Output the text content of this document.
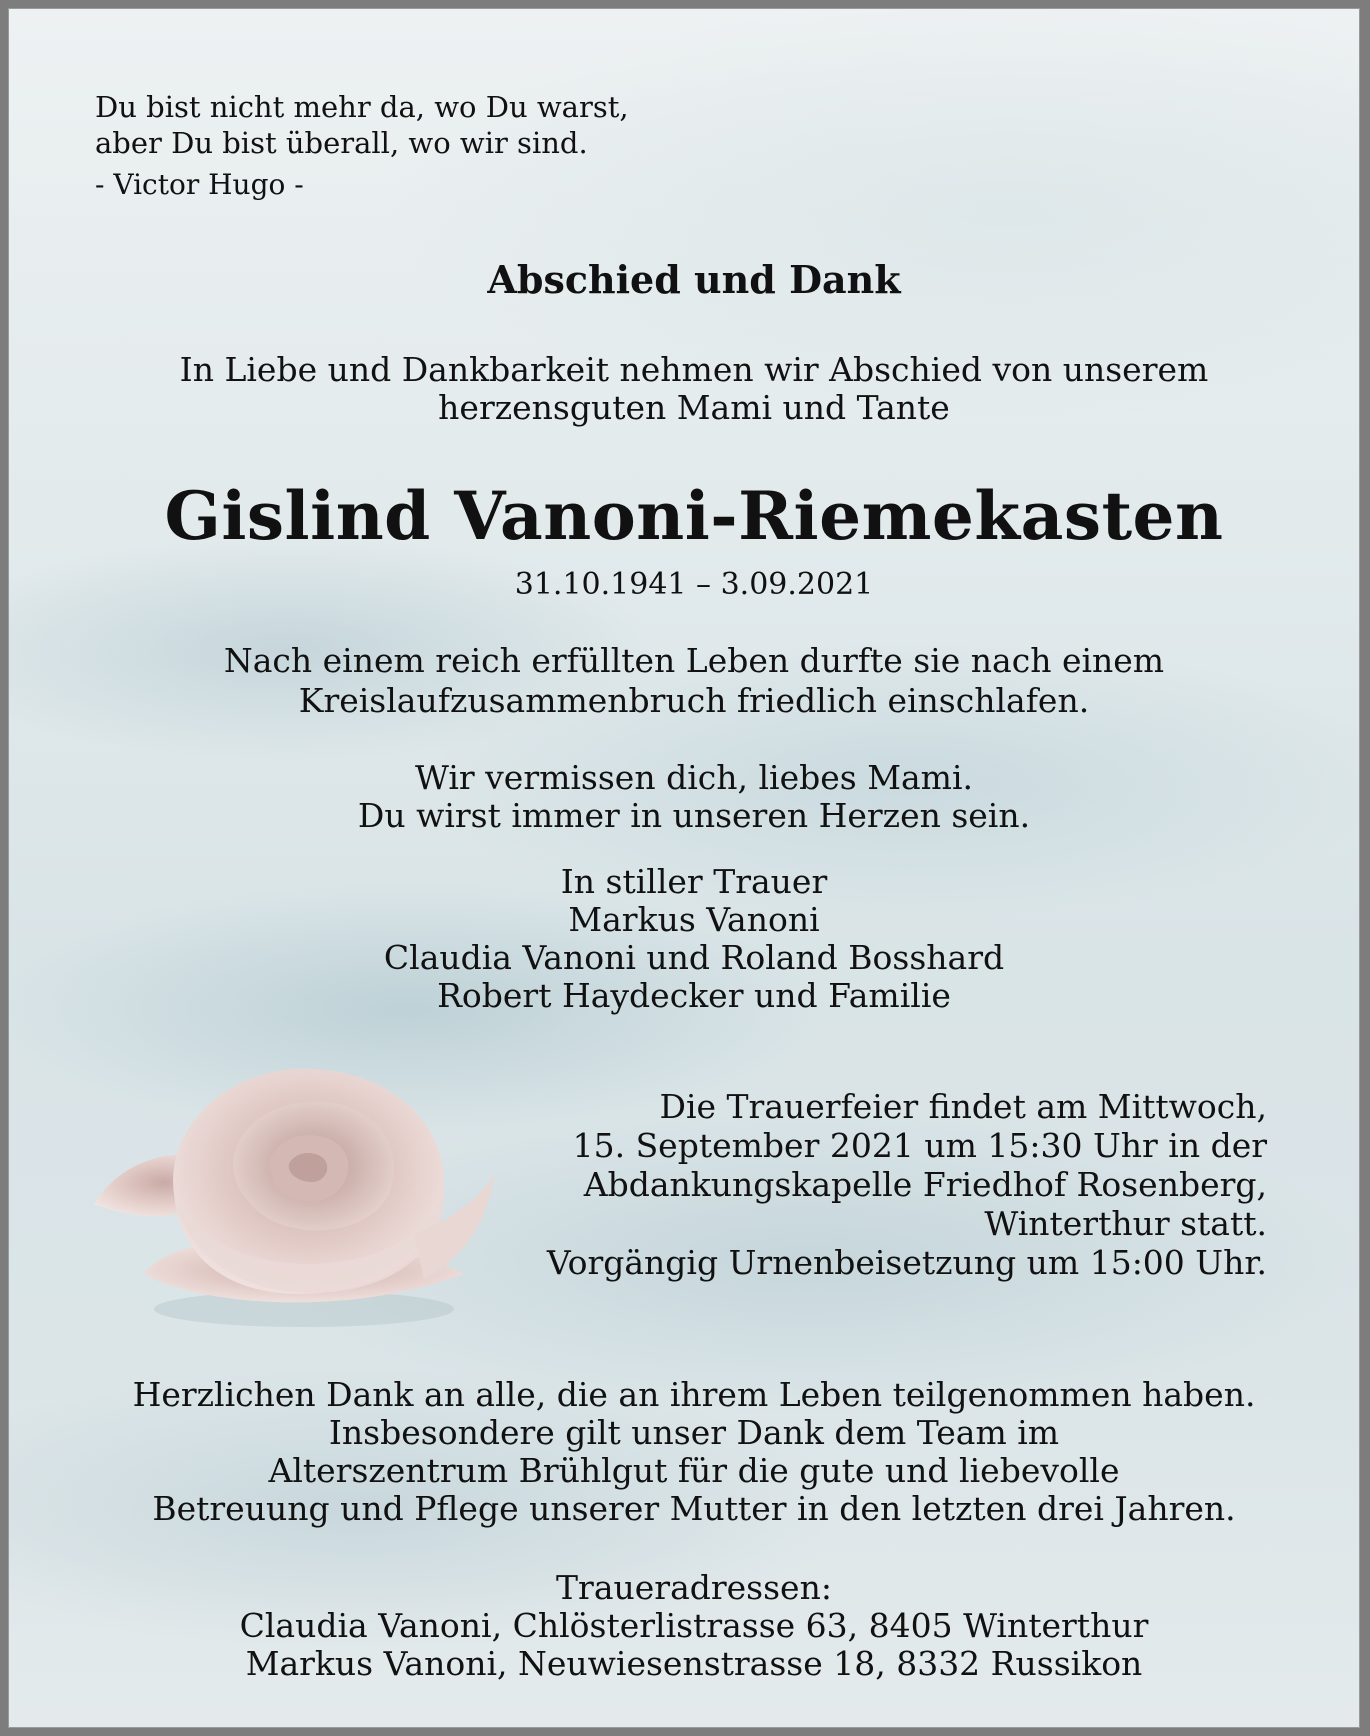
Du bist nicht mehr da, wo Du warst,
aber Du bist überall, wo wir sind.
- Victor Hugo -
Abschied und Dank
In Liebe und Dankbarkeit nehmen wir Abschied von unserem
herzensguten Mami und Tante
Gislind Vanoni-Riemekasten
31.10.1941 – 3.09.2021
Nach einem reich erfüllten Leben durfte sie nach einem
Kreislaufzusammenbruch friedlich einschlafen.
Wir vermissen dich, liebes Mami.
Du wirst immer in unseren Herzen sein.
In stiller Trauer
Markus Vanoni
Claudia Vanoni und Roland Bosshard
Robert Haydecker und Familie
Die Trauerfeier findet am Mittwoch,
15. September 2021 um 15:30 Uhr in der
Abdankungskapelle Friedhof Rosenberg,
Winterthur statt.
Vorgängig Urnenbeisetzung um 15:00 Uhr.
Herzlichen Dank an alle, die an ihrem Leben teilgenommen haben.
Insbesondere gilt unser Dank dem Team im
Alterszentrum Brühlgut für die gute und liebevolle
Betreuung und Pflege unserer Mutter in den letzten drei Jahren.
Traueradressen:
Claudia Vanoni, Chlösterlistrasse 63, 8405 Winterthur
Markus Vanoni, Neuwiesenstrasse 18, 8332 Russikon
